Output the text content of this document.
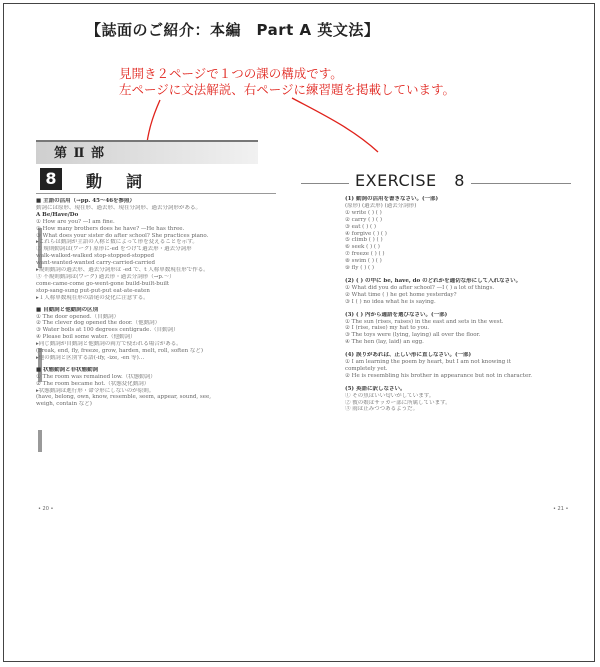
【誌面のご紹介：本編　Part A 英文法】
見開き２ページで１つの課の構成です。
左ページに文法解説、右ページに練習題を掲載しています。
第 Ⅱ 部
8	動　詞
■ 主語の活用（→pp. 45〜46を参照）
動詞には原形、現在形、過去形、現在分詞形、過去分詞形がある。
A Be/Have/Do
① How are you? —I am fine.
② How many brothers does he have? —He has three.
③ What does your sister do after school? She practices piano.
▸これらは動詞が主語の人称と数によって形を変えることを示す。
② 規則動詞は(ワーク) 原形に-ed をつけて過去形・過去分詞形
walk-walked-walked stop-stopped-stopped
want-wanted-wanted carry-carried-carried
▸規則動詞の過去形、過去分詞形は -ed で、t 人称単数現在形で作る。
③ 不規則動詞は(ワーク) 過去形・過去分詞形（→p.〜）
come-came-come go-went-gone build-built-built
stop-sang-sung put-put-put eat-ate-eaten
▸１人称単数現在形の語尾の変化に注意する。
■ 自動詞と他動詞の区別
① The door opened.（自動詞）
② The clever dog opened the door.（他動詞）
③ Water boils at 100 degrees centigrade.（自動詞）
④ Please boil some water.（他動詞）
▸同じ動詞が自動詞と他動詞の両方で使われる場合がある。
(break, end, fly, freeze, grow, harden, melt, roll, soften など)
▸他の動詞と区別する語(-ify, -ize, -en 等)…
■ 状態動詞と非状態動詞
① The room was remained low.（状態動詞）
② The room became hot.（状態変化動詞）
▸状態動詞は進行形・命令形にしないのが原則。
(have, belong, own, know, resemble, seem, appear, sound, see,
weigh, contain など)
• 20 •
EXERCISE 8
(1) 動詞の活用を書きなさい。(一部)
(原形) (過去形) (過去分詞形)
① write ( ) ( )
② carry ( ) ( )
③ eat ( ) ( )
④ forgive ( ) ( )
⑤ climb ( ) ( )
⑥ seek ( ) ( )
⑦ freeze ( ) ( )
⑧ swim ( ) ( )
⑨ fly ( ) ( )
(2) ( ) の中に be, have, do のどれかを適切な形にして入れなさい。
① What did you do after school? —I ( ) a lot of things.
② What time ( ) he get home yesterday?
③ I ( ) no idea what he is saying.
(3) ( ) 内から適語を選びなさい。(一部)
① The sun (rises, raises) in the east and sets in the west.
② I (rise, raise) my hat to you.
③ The toys were (lying, laying) all over the floor.
④ The hen (lay, laid) an egg.
(4) 誤りがあれば、正しい形に直しなさい。(一部)
① I am learning the poem by heart, but I am not knowing it
completely yet.
② He is resembling his brother in appearance but not in character.
(5) 英語に訳しなさい。
① その魚はいい匂いがしています。
② 彼の娘はサッカー部に所属しています。
③ 雨は止みつつあるようだ。
• 21 •
